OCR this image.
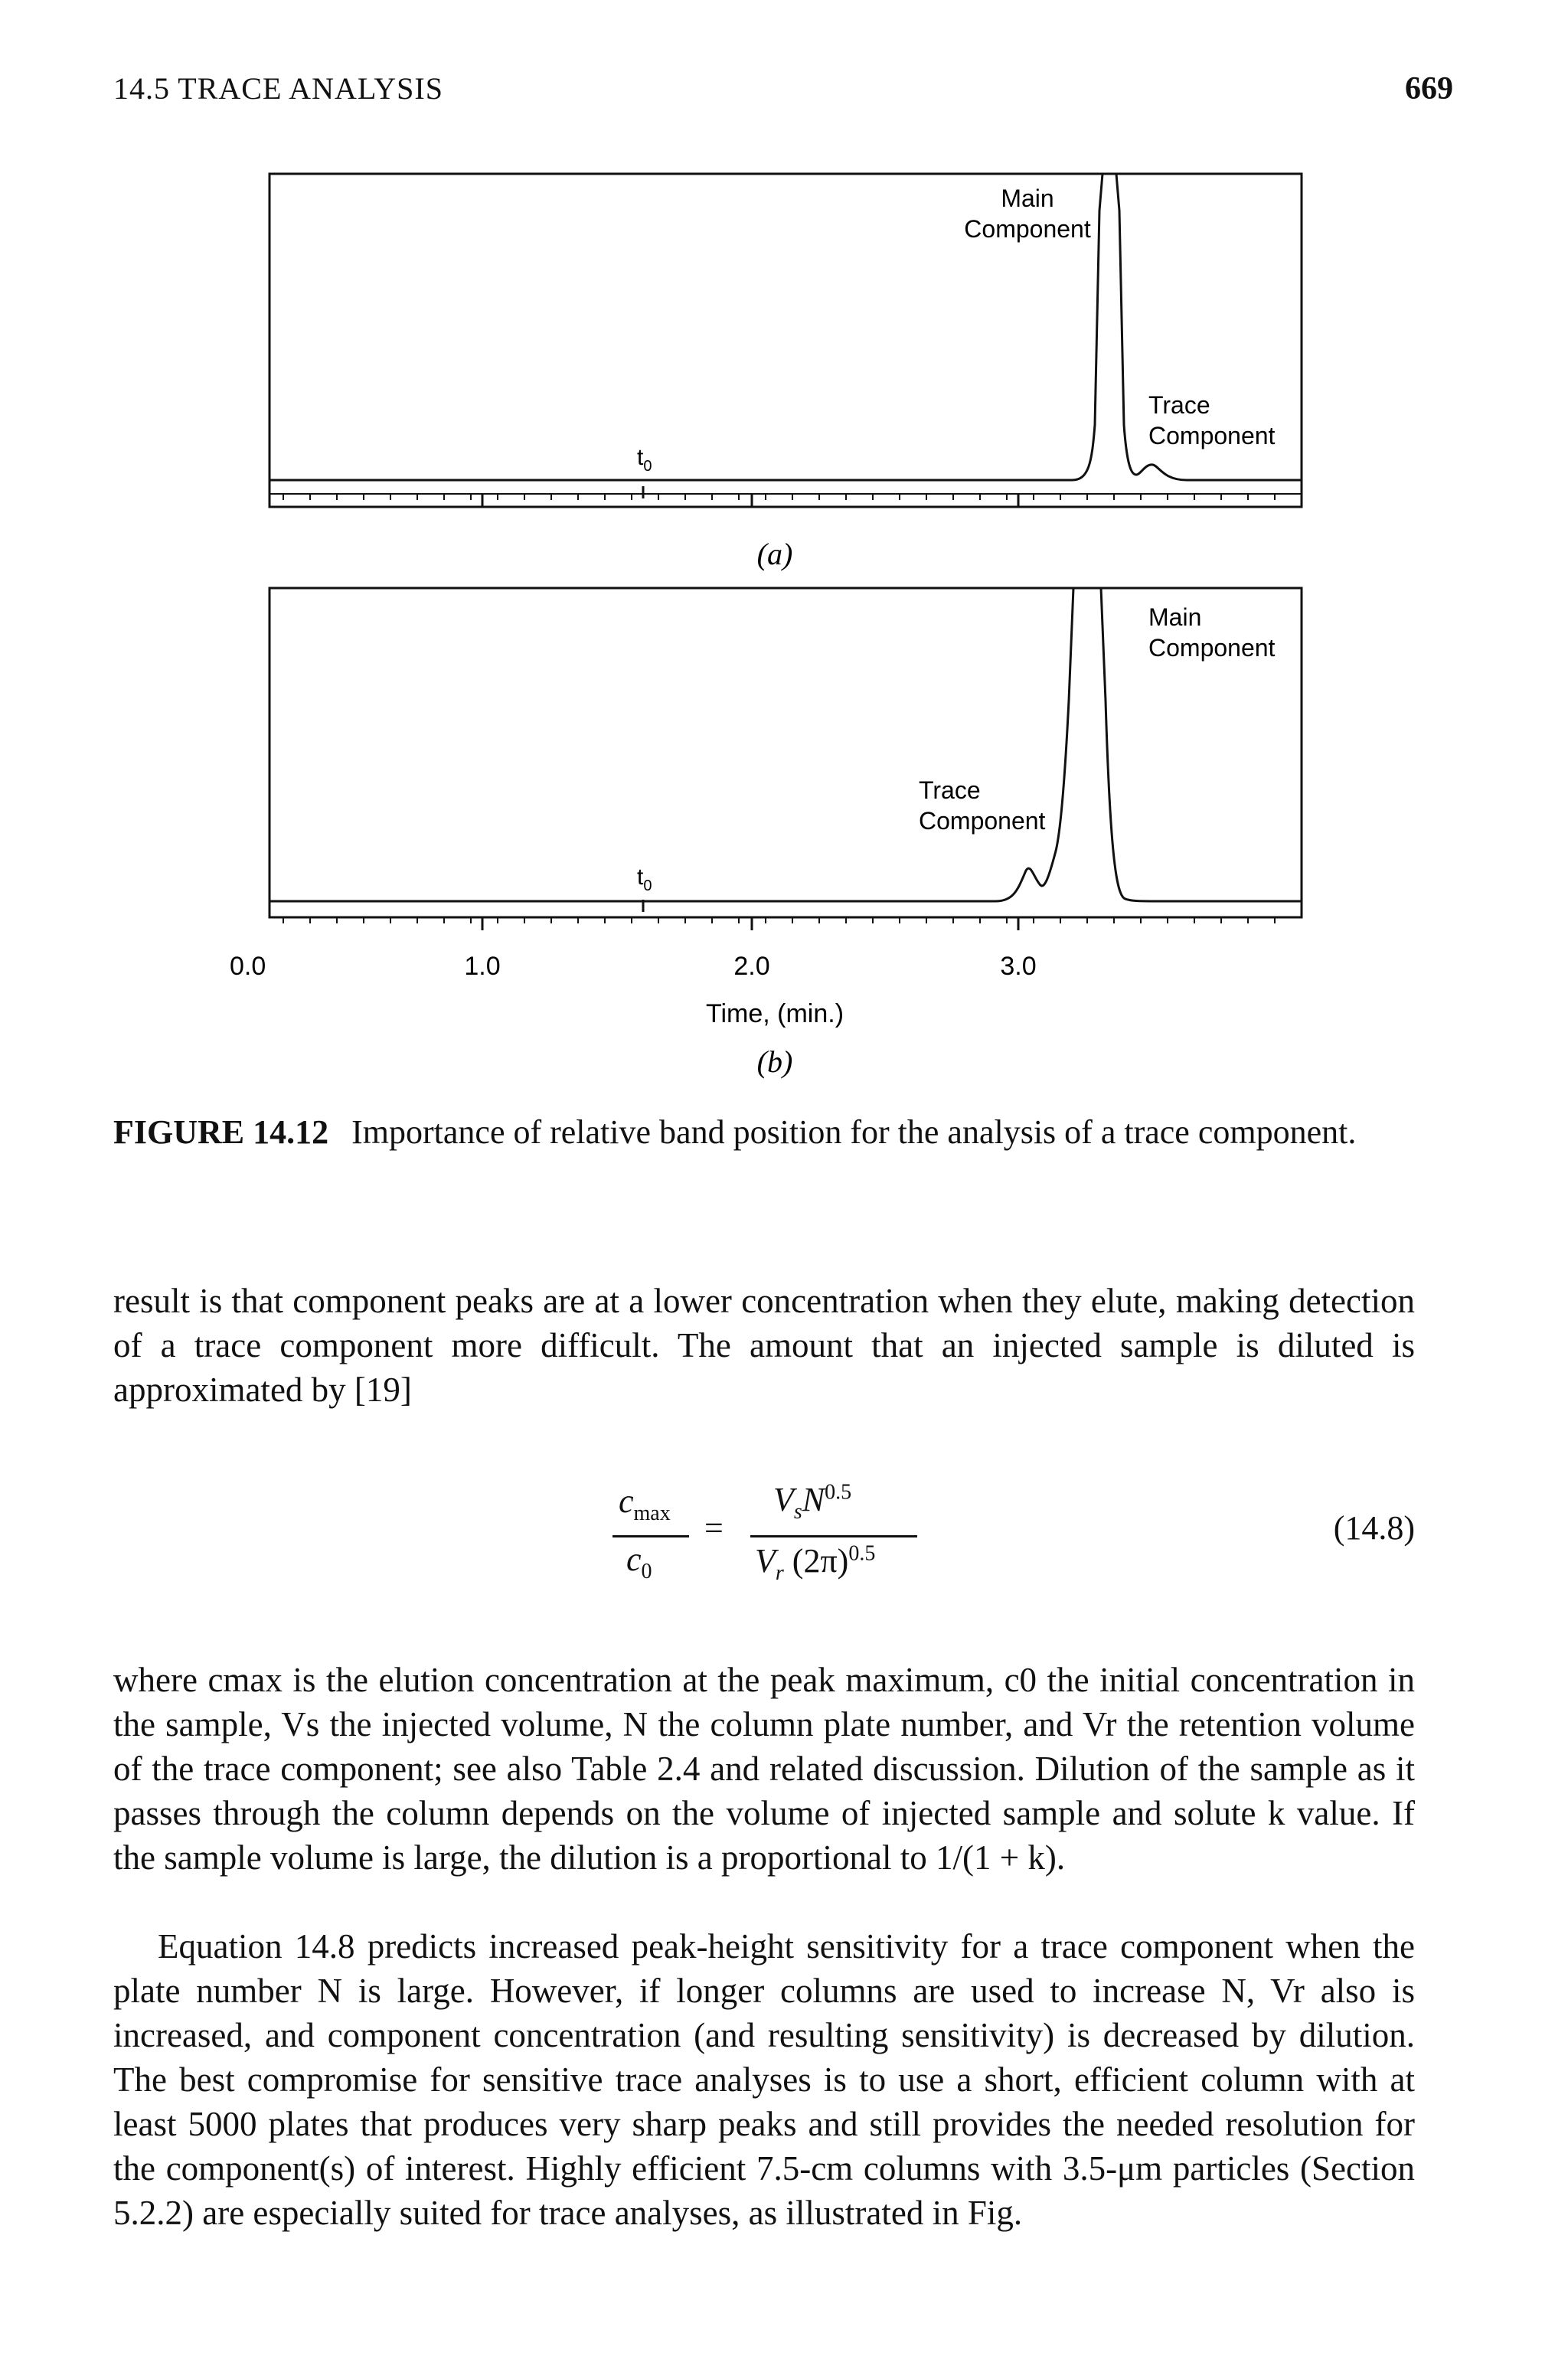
14.5 TRACE ANALYSIS	669
Main
Component
Trace
Component
$t_0$
(a)
Main
Component
Trace
Component
$t_0$
0.0	1.0	2.0	3.0
Time, (min.)
(b)
FIGURE 14.12 Importance of relative band position for the analysis of a trace component.

result is that component peaks are at a lower concentration when they elute, making detection of a trace component more difficult. The amount that an injected sample is diluted is approximated by [19]

$c_{max}$
$c_0$
=
$V_sN^{0.5}$
$V_r$ $(2\pi)^{0.5}$
(14.8)

where cmax is the elution concentration at the peak maximum, c0 the initial concentration in the sample, Vs the injected volume, N the column plate number, and Vr the retention volume of the trace component; see also Table 2.4 and related discussion. Dilution of the sample as it passes through the column depends on the volume of injected sample and solute k value. If the sample volume is large, the dilution is a proportional to 1/(1 + k).

Equation 14.8 predicts increased peak-height sensitivity for a trace component when the plate number N is large. However, if longer columns are used to increase N, Vr also is increased, and component concentration (and resulting sensitivity) is decreased by dilution. The best compromise for sensitive trace analyses is to use a short, efficient column with at least 5000 plates that produces very sharp peaks and still provides the needed resolution for the component(s) of interest. Highly efficient 7.5-cm columns with 3.5-μm particles (Section 5.2.2) are especially suited for trace analyses, as illustrated in Fig.
